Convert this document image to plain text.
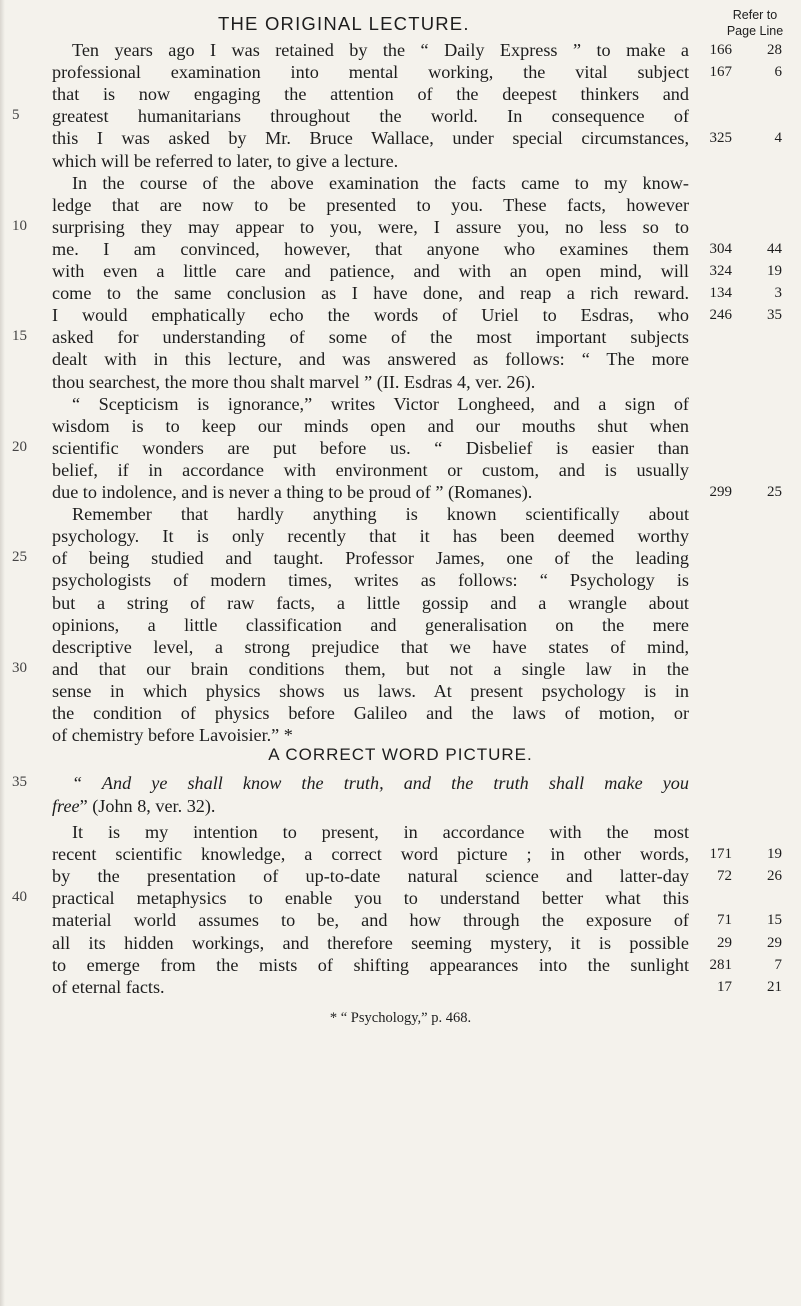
THE ORIGINAL LECTURE.	Refer to
Page Line
Ten years ago I was retained by the “ Daily Express ” to make a	166	28
professional examination into mental working, the vital subject	167	6
that is now engaging the attention of the deepest thinkers and
5	greatest humanitarians throughout the world. In consequence of
this I was asked by Mr. Bruce Wallace, under special circumstances,	325	4
which will be referred to later, to give a lecture.
In the course of the above examination the facts came to my know-
ledge that are now to be presented to you. These facts, however
10	surprising they may appear to you, were, I assure you, no less so to
me. I am convinced, however, that anyone who examines them	304	44
with even a little care and patience, and with an open mind, will	324	19
come to the same conclusion as I have done, and reap a rich reward.	134	3
I would emphatically echo the words of Uriel to Esdras, who	246	35
15	asked for understanding of some of the most important subjects
dealt with in this lecture, and was answered as follows: “ The more
thou searchest, the more thou shalt marvel ” (II. Esdras 4, ver. 26).
“ Scepticism is ignorance,” writes Victor Longheed, and a sign of
wisdom is to keep our minds open and our mouths shut when
20	scientific wonders are put before us. “ Disbelief is easier than
belief, if in accordance with environment or custom, and is usually
due to indolence, and is never a thing to be proud of ” (Romanes).	299	25
Remember that hardly anything is known scientifically about
psychology. It is only recently that it has been deemed worthy
25	of being studied and taught. Professor James, one of the leading
psychologists of modern times, writes as follows: “ Psychology is
but a string of raw facts, a little gossip and a wrangle about
opinions, a little classification and generalisation on the mere
descriptive level, a strong prejudice that we have states of mind,
30	and that our brain conditions them, but not a single law in the
sense in which physics shows us laws. At present psychology is in
the condition of physics before Galileo and the laws of motion, or
of chemistry before Lavoisier.” *
A CORRECT WORD PICTURE.
35	“ And ye shall know the truth, and the truth shall make you
free” (John 8, ver. 32).
It is my intention to present, in accordance with the most
recent scientific knowledge, a correct word picture ; in other words,	171	19
by the presentation of up-to-date natural science and latter-day	72	26
40	practical metaphysics to enable you to understand better what this
material world assumes to be, and how through the exposure of	71	15
all its hidden workings, and therefore seeming mystery, it is possible	29	29
to emerge from the mists of shifting appearances into the sunlight	281	7
of eternal facts.	17	21
* “ Psychology,” p. 468.
